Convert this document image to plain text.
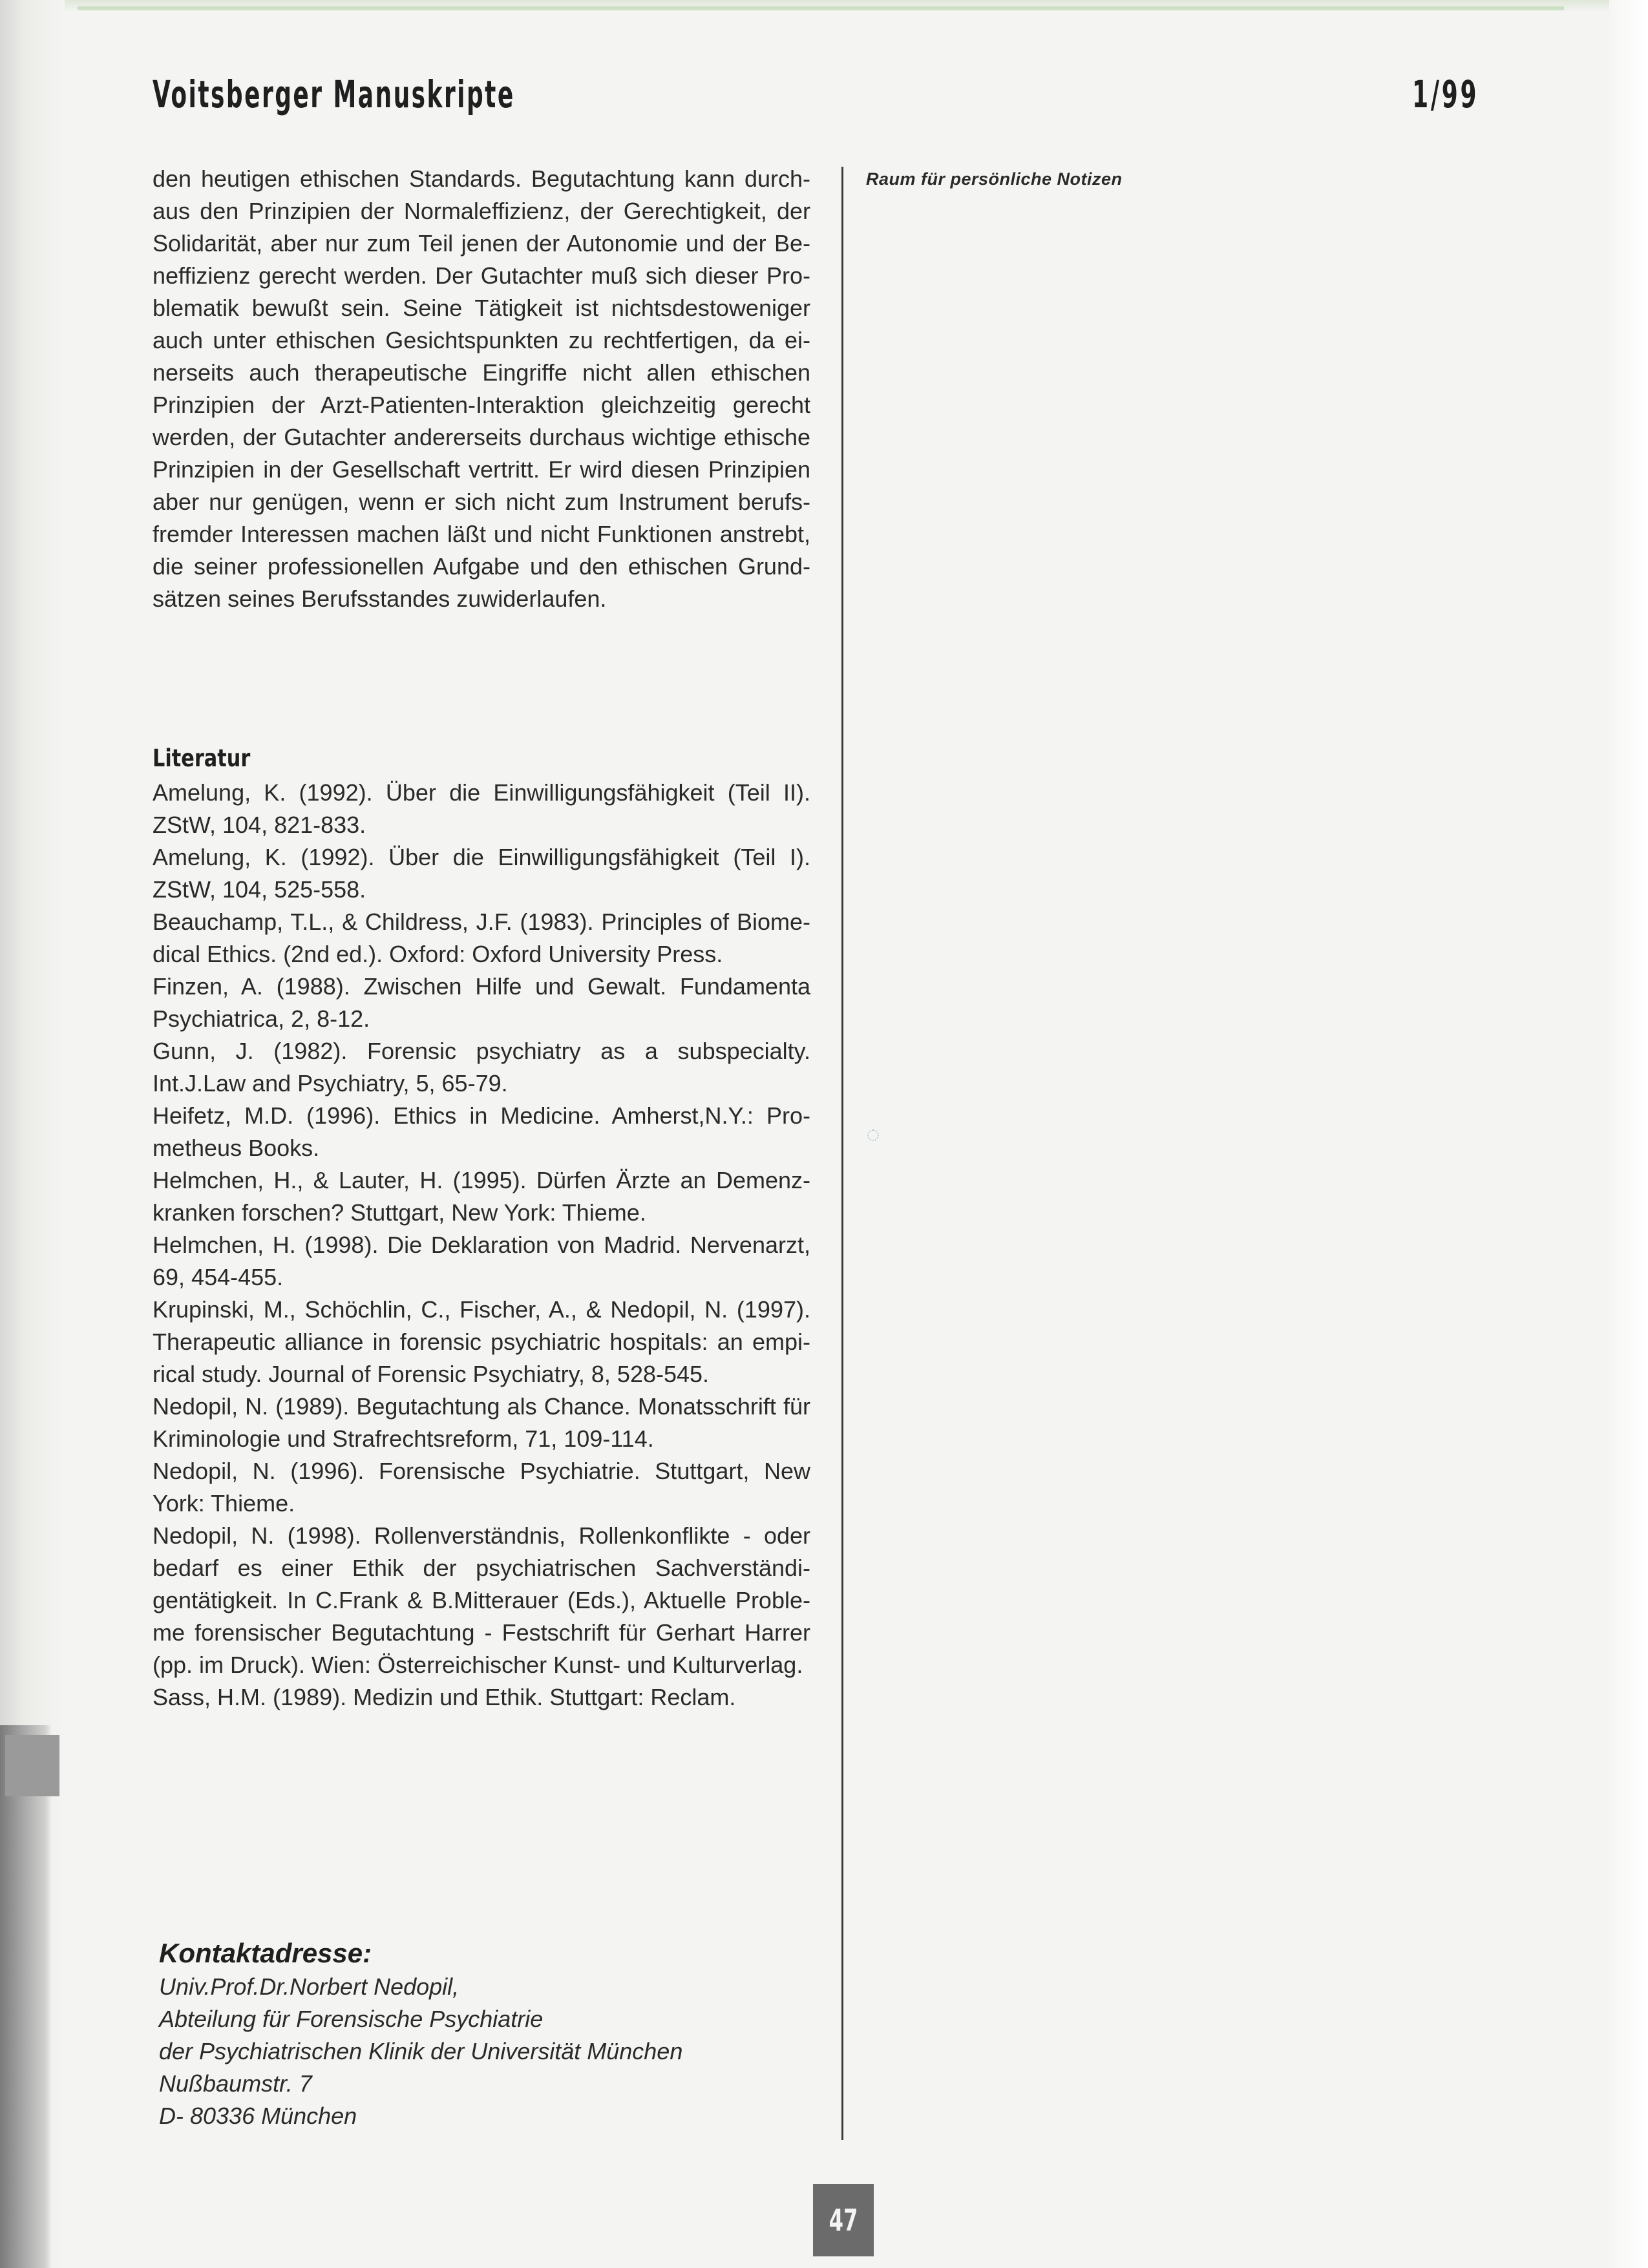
Voitsberger Manuskripte	1/99

den heutigen ethischen Standards. Begutachtung kann durchaus den Prinzipien der Normaleffizienz, der Gerechtigkeit, der Solidarität, aber nur zum Teil jenen der Autonomie und der Beneffizienz gerecht werden. Der Gutachter muß sich dieser Problematik bewußt sein. Seine Tätigkeit ist nichtsdestoweniger auch unter ethischen Gesichtspunkten zu rechtfertigen, da einerseits auch therapeutische Eingriffe nicht allen ethischen Prinzipien der Arzt-Patienten-Interaktion gleichzeitig gerecht werden, der Gutachter andererseits durchaus wichtige ethische Prinzipien in der Gesellschaft vertritt. Er wird diesen Prinzipien aber nur genügen, wenn er sich nicht zum Instrument berufsfremder Interessen machen läßt und nicht Funktionen anstrebt, die seiner professionellen Aufgabe und den ethischen Grundsätzen seines Berufsstandes zuwiderlaufen.

Literatur
Amelung, K. (1992). Über die Einwilligungsfähigkeit (Teil II). ZStW, 104, 821-833.
Amelung, K. (1992). Über die Einwilligungsfähigkeit (Teil I). ZStW, 104, 525-558.
Beauchamp, T.L., & Childress, J.F. (1983). Principles of Biomedical Ethics. (2nd ed.). Oxford: Oxford University Press.
Finzen, A. (1988). Zwischen Hilfe und Gewalt. Fundamenta Psychiatrica, 2, 8-12.
Gunn, J. (1982). Forensic psychiatry as a subspecialty. Int.J.Law and Psychiatry, 5, 65-79.
Heifetz, M.D. (1996). Ethics in Medicine. Amherst,N.Y.: Prometheus Books.
Helmchen, H., & Lauter, H. (1995). Dürfen Ärzte an Demenzkranken forschen? Stuttgart, New York: Thieme.
Helmchen, H. (1998). Die Deklaration von Madrid. Nervenarzt, 69, 454-455.
Krupinski, M., Schöchlin, C., Fischer, A., & Nedopil, N. (1997). Therapeutic alliance in forensic psychiatric hospitals: an empirical study. Journal of Forensic Psychiatry, 8, 528-545.
Nedopil, N. (1989). Begutachtung als Chance. Monatsschrift für Kriminologie und Strafrechtsreform, 71, 109-114.
Nedopil, N. (1996). Forensische Psychiatrie. Stuttgart, New York: Thieme.
Nedopil, N. (1998). Rollenverständnis, Rollenkonflikte - oder bedarf es einer Ethik der psychiatrischen Sachverständigentätigkeit. In C.Frank & B.Mitterauer (Eds.), Aktuelle Probleme forensischer Begutachtung - Festschrift für Gerhart Harrer (pp. im Druck). Wien: Österreichischer Kunst- und Kulturverlag.
Sass, H.M. (1989). Medizin und Ethik. Stuttgart: Reclam.

Kontaktadresse:

Univ.Prof.Dr.Norbert Nedopil,

Abteilung für Forensische Psychiatrie

der Psychiatrischen Klinik der Universität München

Nußbaumstr. 7

D- 80336 München

Raum für persönliche Notizen
47
